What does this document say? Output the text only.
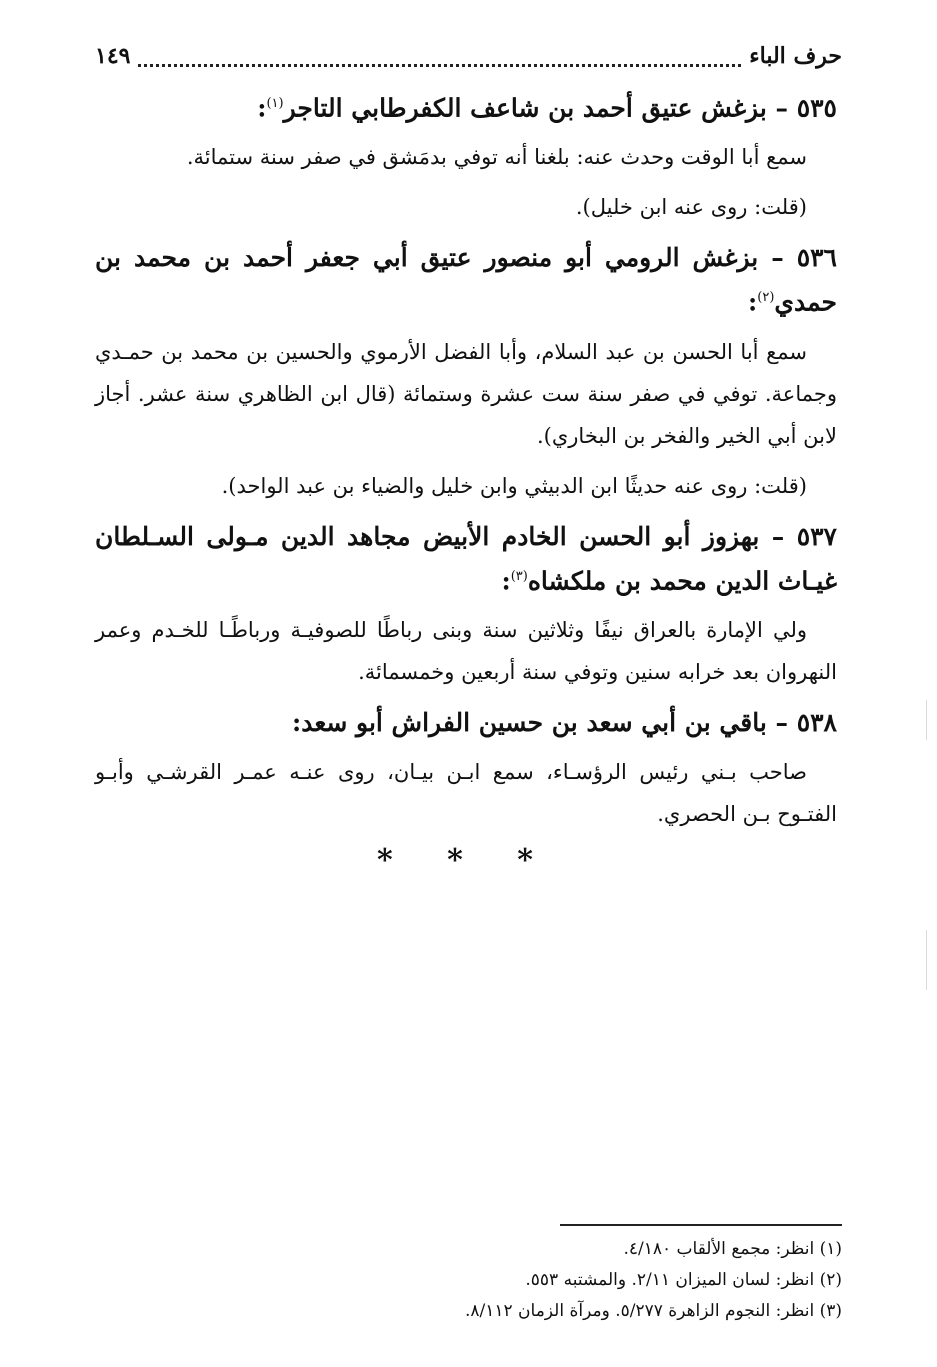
حرف الباء
١٤٩
٥٣٥ – بزغش عتيق أحمد بن شاعف الكفرطابي التاجر$^{(١)}$:

سمع أبا الوقت وحدث عنه: بلغنا أنه توفي بدمَشق في صفر سنة ستمائة.

(قلت: روى عنه ابن خليل).

٥٣٦ – بزغش الرومي أبو منصور عتيق أبي جعفر أحمد بن محمد بن حمدي$^{(٢)}$:

سمع أبا الحسن بن عبد السلام، وأبا الفضل الأرموي والحسين بن محمد بن حمـدي وجماعة. توفي في صفر سنة ست عشرة وستمائة (قال ابن الظاهري سنة عشر. أجاز لابن أبي الخير والفخر بن البخاري).

(قلت: روى عنه حديثًا ابن الدبيثي وابن خليل والضياء بن عبد الواحد).

٥٣٧ – بهزوز أبو الحسن الخادم الأبيض مجاهد الدين مـولى السـلطان غيـاث الدين محمد بن ملكشاه$^{(٣)}$:

ولي الإمارة بالعراق نيفًا وثلاثين سنة وبنى رباطًا للصوفيـة ورباطًـا للخـدم وعمر النهروان بعد خرابه سنين وتوفي سنة أربعين وخمسمائة.

٥٣٨ – باقي بن أبي سعد بن حسين الفراش أبو سعد:

صاحب بـني رئيس الرؤسـاء، سمع ابـن بيـان، روى عنـه عمـر القرشـي وأبـو الفتـوح بـن الحصري.

* * *

(١) انظر: مجمع الألقاب ٤/١٨٠.

(٢) انظر: لسان الميزان ٢/١١. والمشتبه ٥٥٣.

(٣) انظر: النجوم الزاهرة ٥/٢٧٧. ومرآة الزمان ٨/١١٢.
